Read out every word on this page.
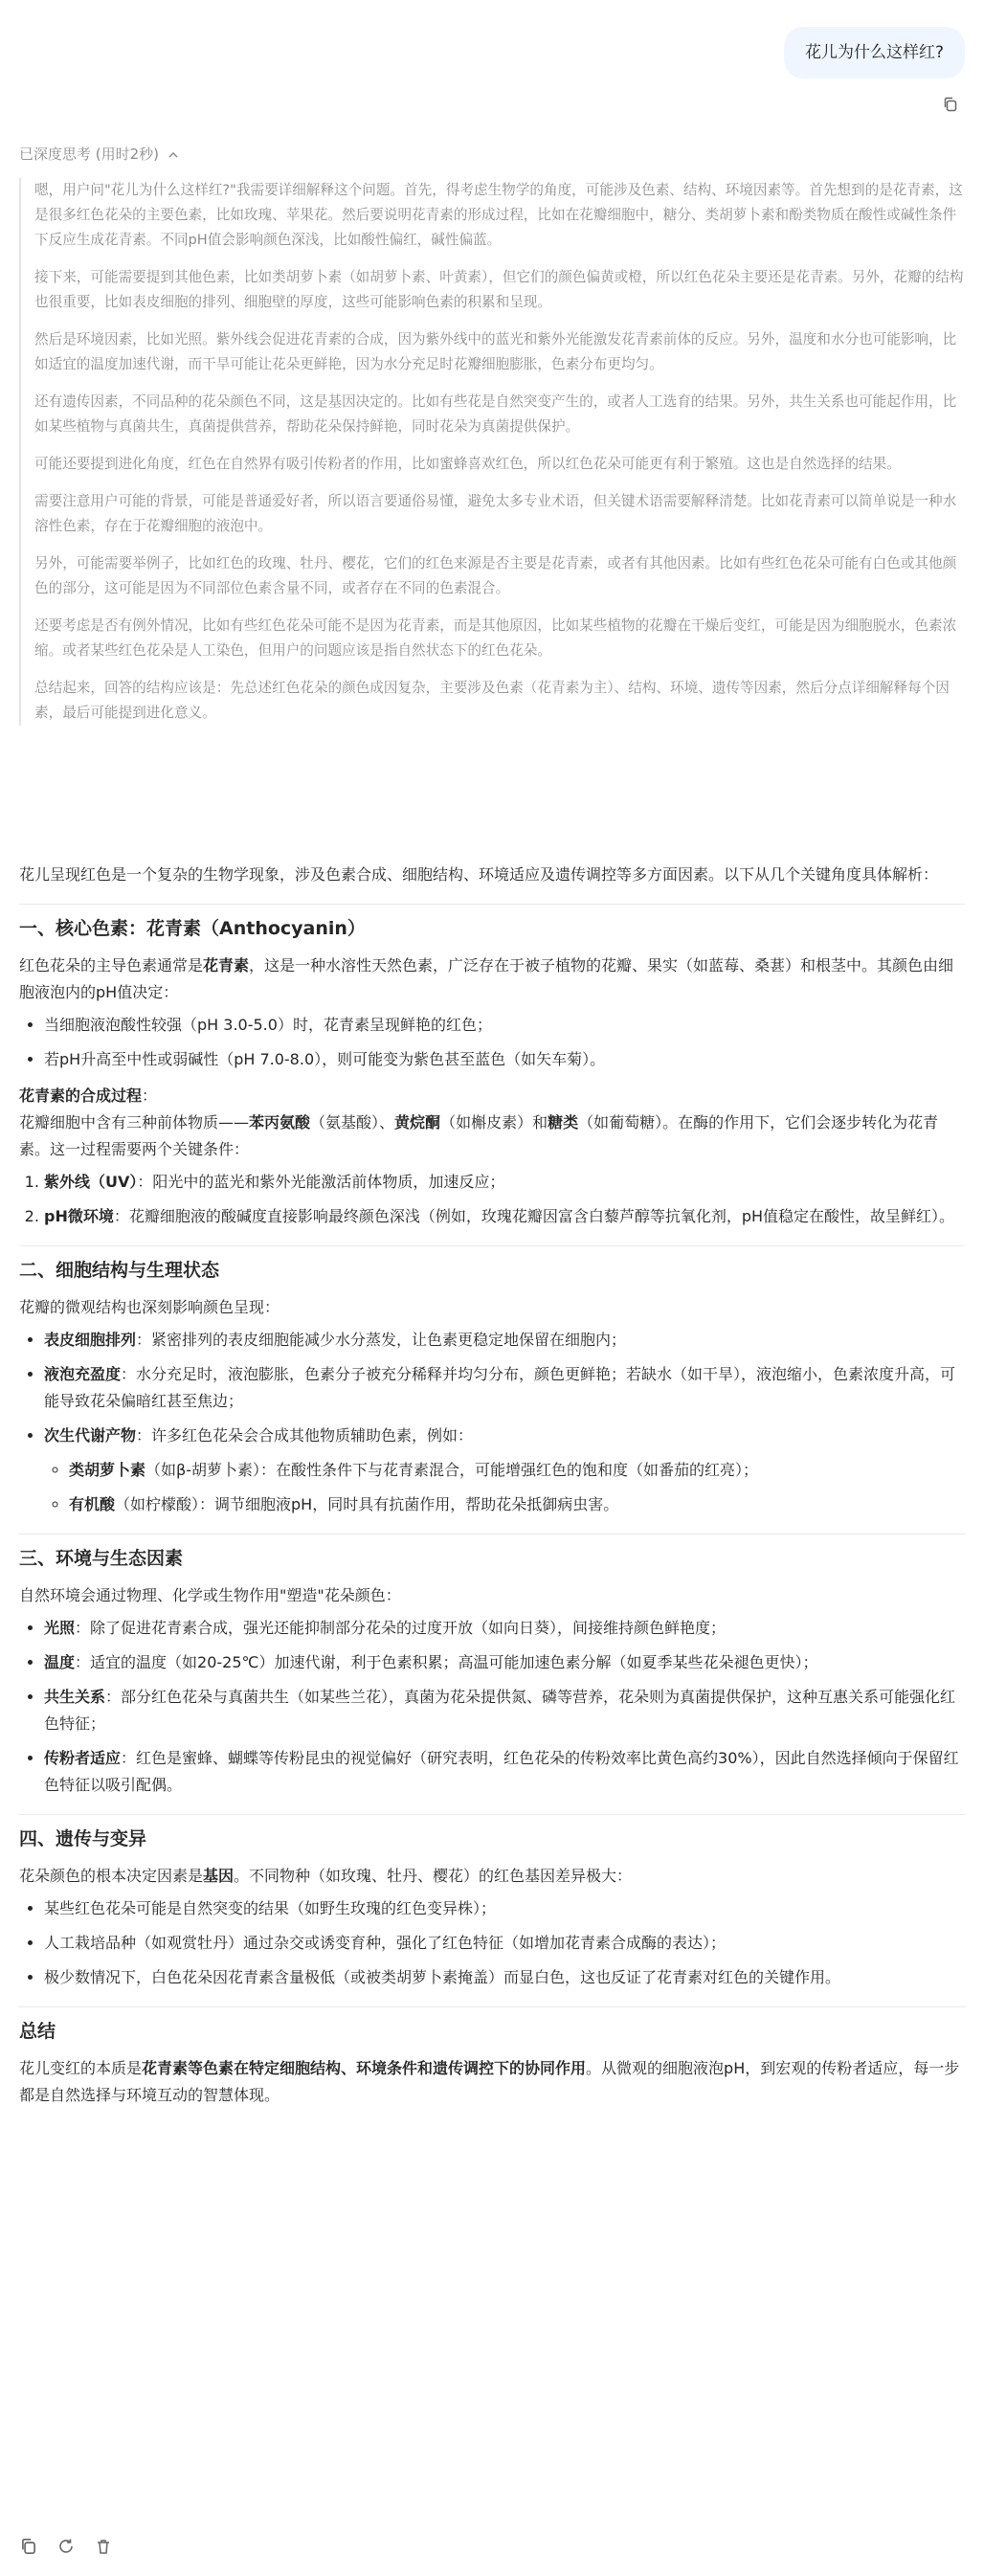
花儿为什么这样红?
已深度思考 (用时2秒)

嗯，用户问"花儿为什么这样红?"我需要详细解释这个问题。首先，得考虑生物学的角度，可能涉及色素、结构、环境因素等。首先想到的是花青素，这是很多红色花朵的主要色素，比如玫瑰、苹果花。然后要说明花青素的形成过程，比如在花瓣细胞中，糖分、类胡萝卜素和酚类物质在酸性或碱性条件下反应生成花青素。不同pH值会影响颜色深浅，比如酸性偏红，碱性偏蓝。

接下来，可能需要提到其他色素，比如类胡萝卜素（如胡萝卜素、叶黄素），但它们的颜色偏黄或橙，所以红色花朵主要还是花青素。另外，花瓣的结构也很重要，比如表皮细胞的排列、细胞壁的厚度，这些可能影响色素的积累和呈现。

然后是环境因素，比如光照。紫外线会促进花青素的合成，因为紫外线中的蓝光和紫外光能激发花青素前体的反应。另外，温度和水分也可能影响，比如适宜的温度加速代谢，而干旱可能让花朵更鲜艳，因为水分充足时花瓣细胞膨胀，色素分布更均匀。

还有遗传因素，不同品种的花朵颜色不同，这是基因决定的。比如有些花是自然突变产生的，或者人工选育的结果。另外，共生关系也可能起作用，比如某些植物与真菌共生，真菌提供营养，帮助花朵保持鲜艳，同时花朵为真菌提供保护。

可能还要提到进化角度，红色在自然界有吸引传粉者的作用，比如蜜蜂喜欢红色，所以红色花朵可能更有利于繁殖。这也是自然选择的结果。

需要注意用户可能的背景，可能是普通爱好者，所以语言要通俗易懂，避免太多专业术语，但关键术语需要解释清楚。比如花青素可以简单说是一种水溶性色素，存在于花瓣细胞的液泡中。

另外，可能需要举例子，比如红色的玫瑰、牡丹、樱花，它们的红色来源是否主要是花青素，或者有其他因素。比如有些红色花朵可能有白色或其他颜色的部分，这可能是因为不同部位色素含量不同，或者存在不同的色素混合。

还要考虑是否有例外情况，比如有些红色花朵可能不是因为花青素，而是其他原因，比如某些植物的花瓣在干燥后变红，可能是因为细胞脱水，色素浓缩。或者某些红色花朵是人工染色，但用户的问题应该是指自然状态下的红色花朵。

总结起来，回答的结构应该是：先总述红色花朵的颜色成因复杂，主要涉及色素（花青素为主）、结构、环境、遗传等因素，然后分点详细解释每个因素，最后可能提到进化意义。

花儿呈现红色是一个复杂的生物学现象，涉及色素合成、细胞结构、环境适应及遗传调控等多方面因素。以下从几个关键角度具体解析：

一、核心色素：花青素（Anthocyanin）

红色花朵的主导色素通常是花青素，这是一种水溶性天然色素，广泛存在于被子植物的花瓣、果实（如蓝莓、桑葚）和根茎中。其颜色由细胞液泡内的pH值决定：

• 当细胞液泡酸性较强（pH 3.0-5.0）时，花青素呈现鲜艳的红色；
• 若pH升高至中性或弱碱性（pH 7.0-8.0），则可能变为紫色甚至蓝色（如矢车菊）。

花青素的合成过程：

花瓣细胞中含有三种前体物质——苯丙氨酸（氨基酸）、黄烷酮（如槲皮素）和糖类（如葡萄糖）。在酶的作用下，它们会逐步转化为花青素。这一过程需要两个关键条件：

1. 紫外线（UV）：阳光中的蓝光和紫外光能激活前体物质，加速反应；
2. pH微环境：花瓣细胞液的酸碱度直接影响最终颜色深浅（例如，玫瑰花瓣因富含白藜芦醇等抗氧化剂，pH值稳定在酸性，故呈鲜红）。
二、细胞结构与生理状态

花瓣的微观结构也深刻影响颜色呈现：

• 表皮细胞排列：紧密排列的表皮细胞能减少水分蒸发，让色素更稳定地保留在细胞内；
• 液泡充盈度：水分充足时，液泡膨胀，色素分子被充分稀释并均匀分布，颜色更鲜艳；若缺水（如干旱），液泡缩小，色素浓度升高，可能导致花朵偏暗红甚至焦边；
• 次生代谢产物：许多红色花朵会合成其他物质辅助色素，例如：
◦ 类胡萝卜素（如β-胡萝卜素）：在酸性条件下与花青素混合，可能增强红色的饱和度（如番茄的红亮）；
◦ 有机酸（如柠檬酸）：调节细胞液pH，同时具有抗菌作用，帮助花朵抵御病虫害。
三、环境与生态因素

自然环境会通过物理、化学或生物作用"塑造"花朵颜色：

• 光照：除了促进花青素合成，强光还能抑制部分花朵的过度开放（如向日葵），间接维持颜色鲜艳度；
• 温度：适宜的温度（如20-25℃）加速代谢，利于色素积累；高温可能加速色素分解（如夏季某些花朵褪色更快）；
• 共生关系：部分红色花朵与真菌共生（如某些兰花），真菌为花朵提供氮、磷等营养，花朵则为真菌提供保护，这种互惠关系可能强化红色特征；
• 传粉者适应：红色是蜜蜂、蝴蝶等传粉昆虫的视觉偏好（研究表明，红色花朵的传粉效率比黄色高约30%），因此自然选择倾向于保留红色特征以吸引配偶。
四、遗传与变异

花朵颜色的根本决定因素是基因。不同物种（如玫瑰、牡丹、樱花）的红色基因差异极大：

• 某些红色花朵可能是自然突变的结果（如野生玫瑰的红色变异株）；
• 人工栽培品种（如观赏牡丹）通过杂交或诱变育种，强化了红色特征（如增加花青素合成酶的表达）；
• 极少数情况下，白色花朵因花青素含量极低（或被类胡萝卜素掩盖）而显白色，这也反证了花青素对红色的关键作用。
总结

花儿变红的本质是花青素等色素在特定细胞结构、环境条件和遗传调控下的协同作用。从微观的细胞液泡pH，到宏观的传粉者适应，每一步都是自然选择与环境互动的智慧体现。
